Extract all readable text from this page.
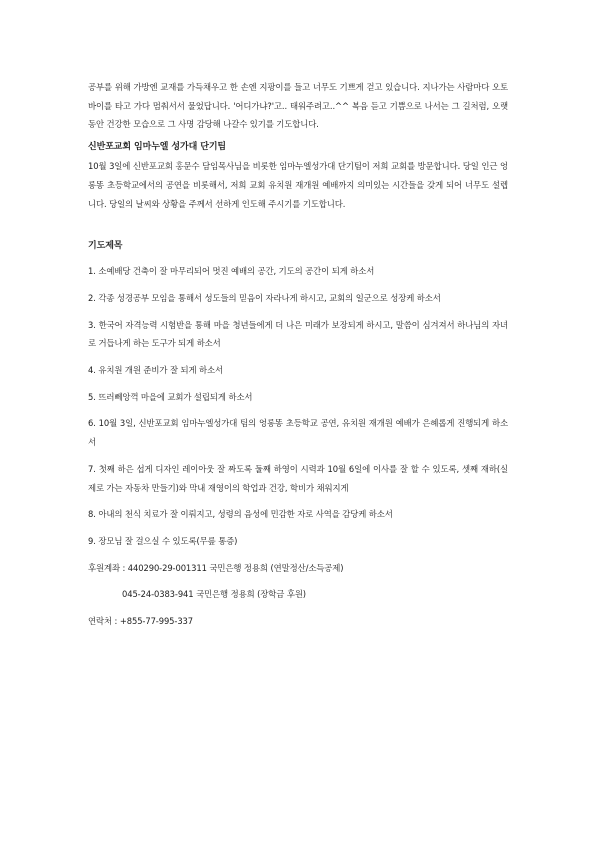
공부를 위해 가방엔 교재를 가득채우고 한 손엔 지팡이를 들고 너무도 기쁘게 걷고 있습니다. 지나가는 사람마다 오토바이를 타고 가다 멈춰서서 물었답니다. '어디가냐?'고.. 태워주려고..^^ 복음 듣고 기쁨으로 나서는 그 길처럼, 오랫동안 건강한 모습으로 그 사명 감당해 나갈수 있기를 기도합니다.

신반포교회 임마누엘 성가대 단기팀

10월 3일에 신반포교회 홍문수 담임목사님을 비롯한 임마누엘성가대 단기팀이 저희 교회를 방문합니다. 당일 인근 엉롱똥 초등학교에서의 공연을 비롯해서, 저희 교회 유치원 재개원 예배까지 의미있는 시간들을 갖게 되어 너무도 설렙니다. 당일의 날씨와 상황을 주께서 선하게 인도해 주시기를 기도합니다.

기도제목

1. 소예배당 건축이 잘 마무리되어 멋진 예배의 공간, 기도의 공간이 되게 하소서
2. 각종 성경공부 모임을 통해서 성도들의 믿음이 자라나게 하시고, 교회의 일군으로 성장케 하소서
3. 한국어 자격능력 시험반을 통해 마을 청년들에게 더 나은 미래가 보장되게 하시고, 말씀이 심겨져서 하나님의 자녀로 거듭나게 하는 도구가 되게 하소서
4. 유치원 개원 준비가 잘 되게 하소서
5. 뜨러뻬앙꺽 마을에 교회가 설립되게 하소서
6. 10월 3일, 신반포교회 임마누엘성가대 팀의 엉롱똥 초등학교 공연, 유치원 재개원 예배가 은혜롭게 진행되게 하소서
7. 첫째 하은 섭게 디자인 레이아웃 잘 짜도록 둘째 하영이 시력과 10월 6일에 이사를 잘 할 수 있도록, 셋째 재하(실제로 가는 자동차 만들기)와 막내 재영이의 학업과 건강, 학비가 채워지게
8. 아내의 천식 치료가 잘 이뤄지고, 성령의 음성에 민감한 자로 사역을 감당케 하소서
9. 장모님 잘 걸으실 수 있도록(무릎 통증)

후원계좌 : 440290-29-001311 국민은행 정용희 (연말정산/소득공제)

045-24-0383-941 국민은행 정용희 (장학금 후원)

연락처 : +855-77-995-337
